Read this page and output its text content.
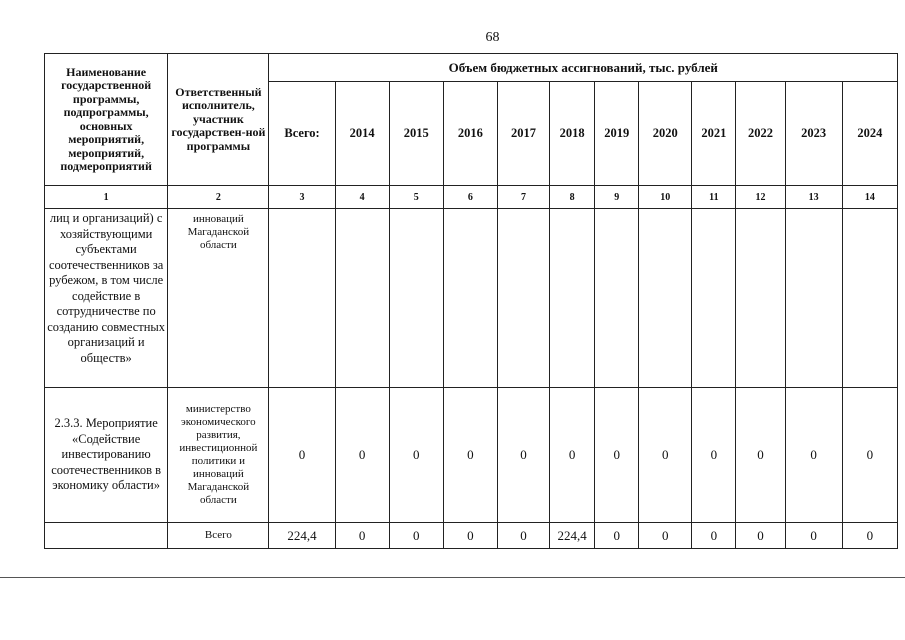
68
Наименование государственной программы, подпрограммы, основных мероприятий, мероприятий, подмероприятий	Ответственный исполнитель, участник государствен-ной программы	Объем бюджетных ассигнований, тыс. рублей											
		Всего:	2014	2015	2016	2017	2018	2019	2020	2021	2022	2023	2024
1	2	3	4	5	6	7	8	9	10	11	12	13	14
лиц и организаций) с хозяйствующими субъектами соотечественников за рубежом, в том числе содействие в сотрудничестве по созданию совместных организаций и обществ»	инноваций Магаданской области												
2.3.3. Мероприятие «Содействие инвестированию соотечественников в экономику области»	министерство экономического развития, инвестиционной политики и инноваций Магаданской области	0	0	0	0	0	0	0	0	0	0	0	0
	Всего	224,4	0	0	0	0	224,4	0	0	0	0	0	0
